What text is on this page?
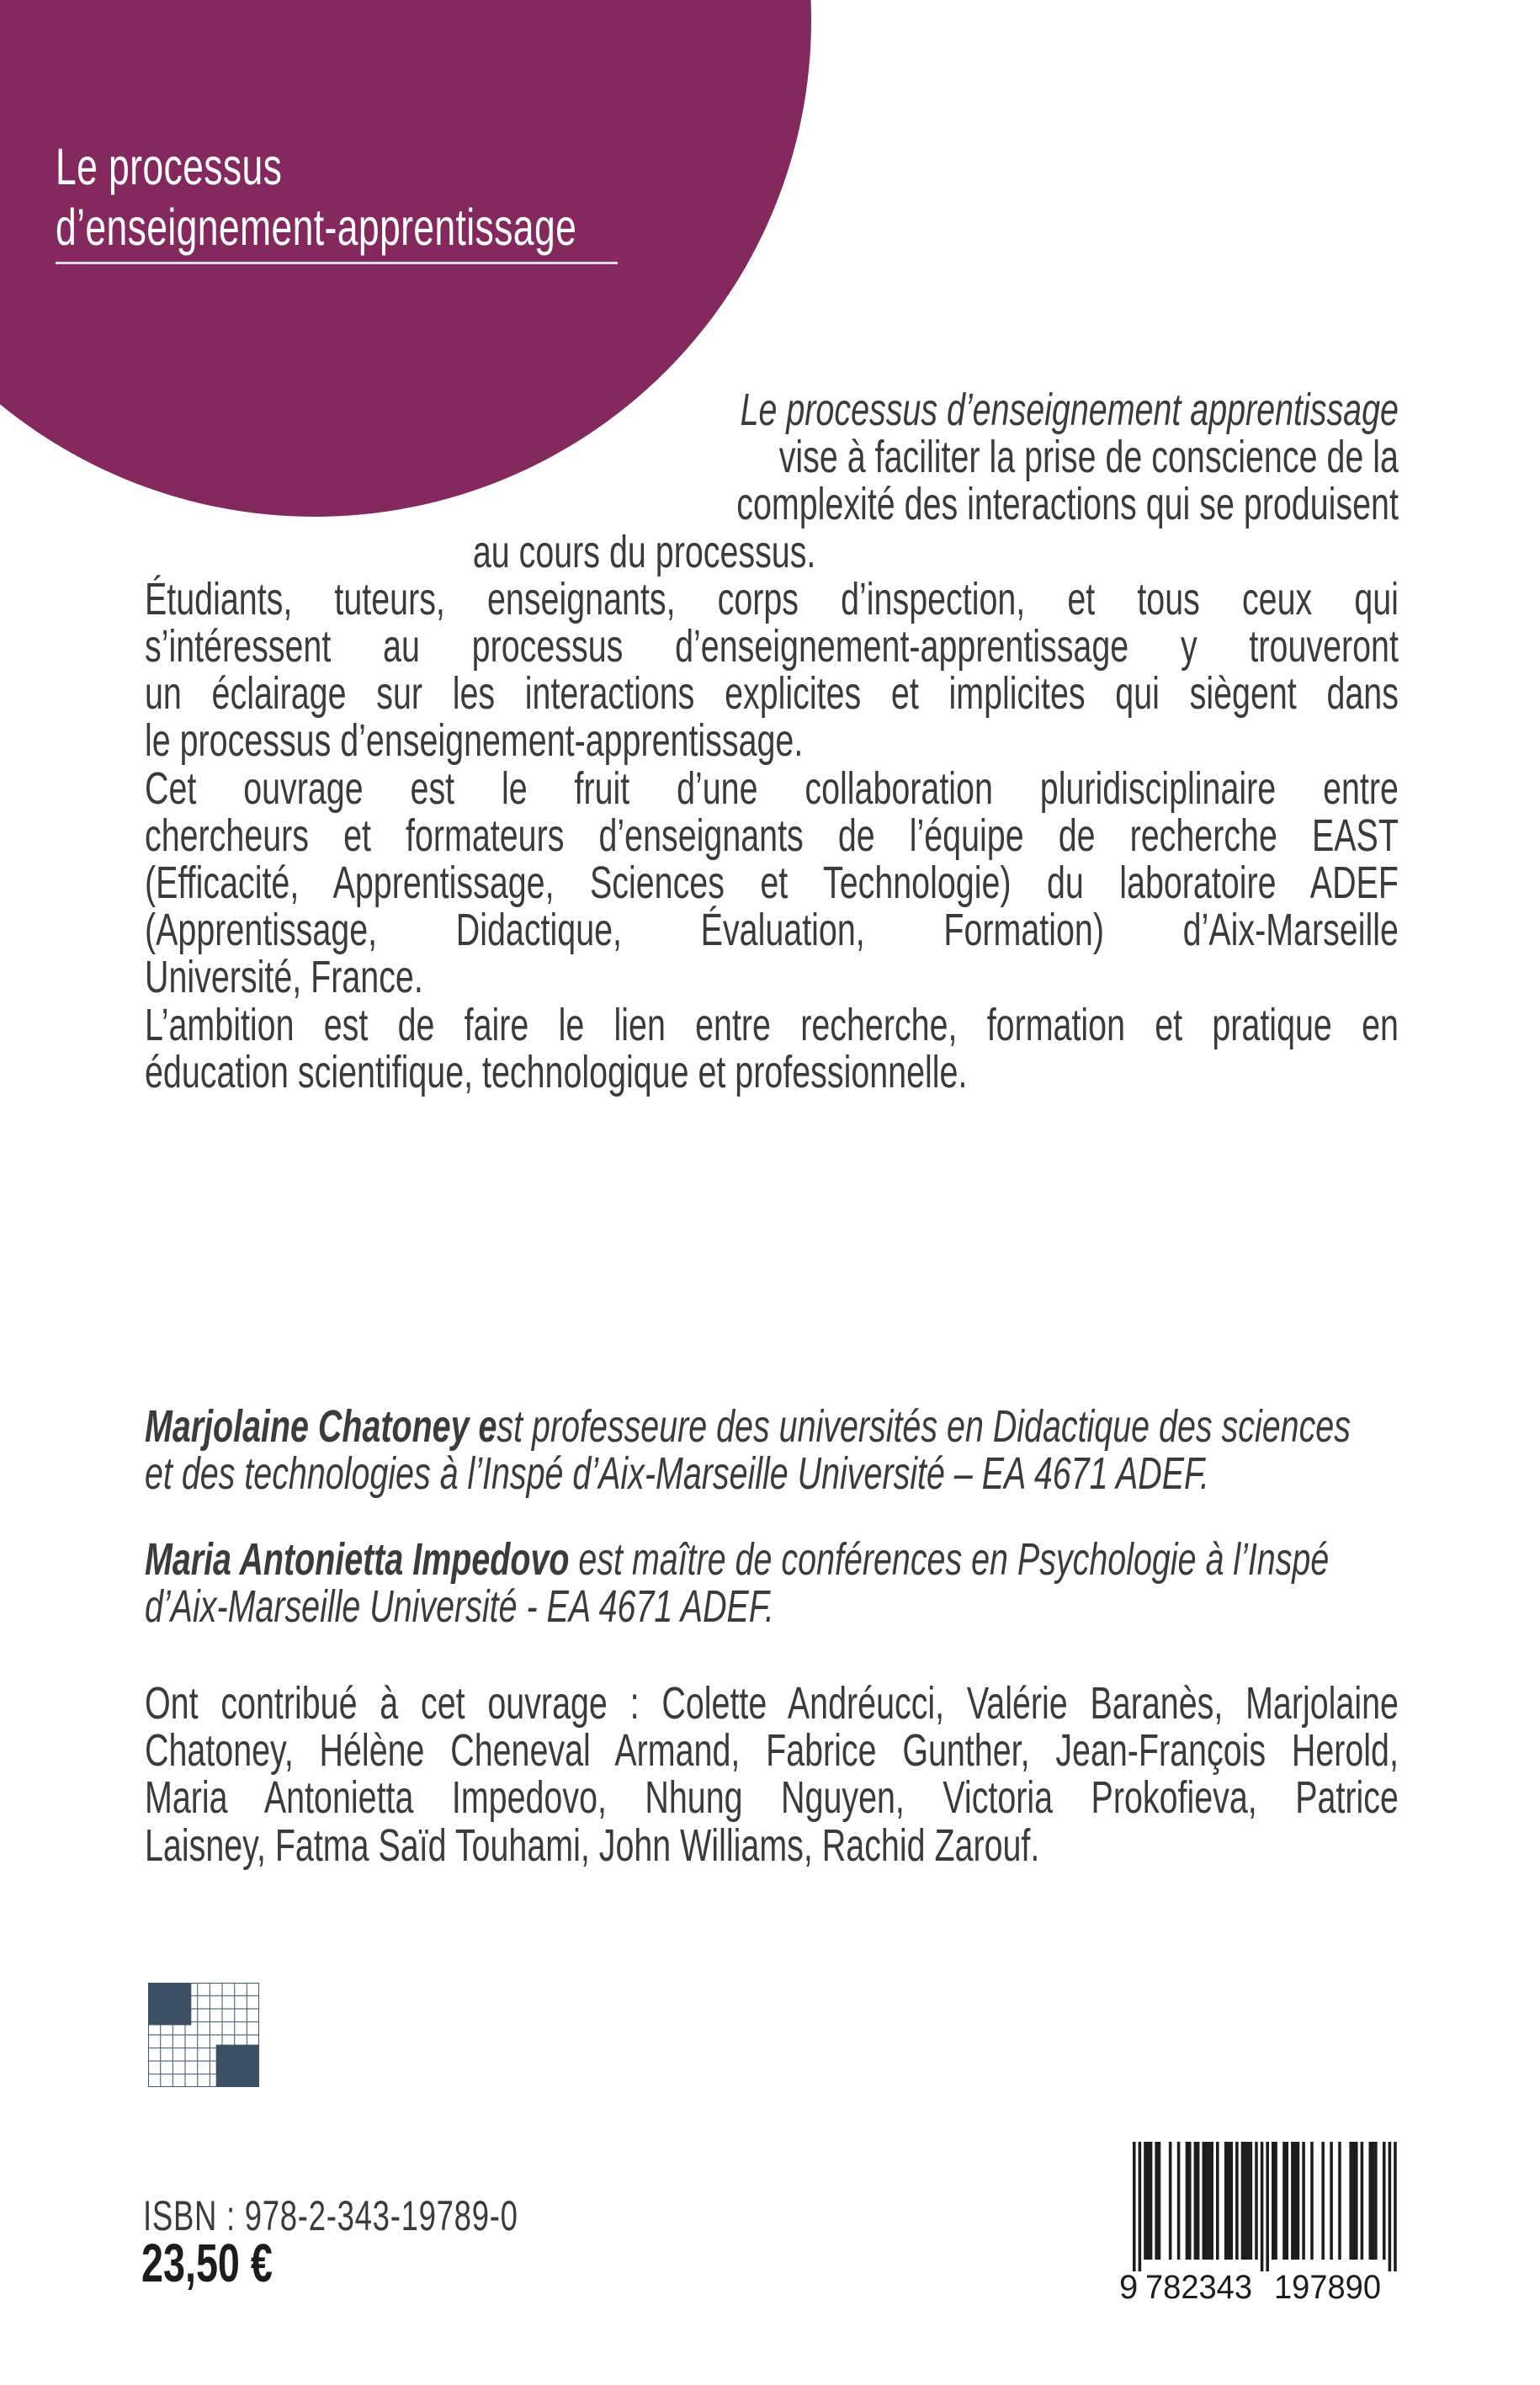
Le processus
d’enseignement-apprentissage
Le processus d’enseignement apprentissage
vise à faciliter la prise de conscience de la
complexité des interactions qui se produisent
au cours du processus.
Étudiants, tuteurs, enseignants, corps d’inspection, et tous ceux qui
s’intéressent au processus d’enseignement-apprentissage y trouveront
un éclairage sur les interactions explicites et implicites qui siègent dans
le processus d’enseignement-apprentissage.
Cet ouvrage est le fruit d’une collaboration pluridisciplinaire entre
chercheurs et formateurs d’enseignants de l’équipe de recherche EAST
(Efficacité, Apprentissage, Sciences et Technologie) du laboratoire ADEF
(Apprentissage, Didactique, Évaluation, Formation) d’Aix-Marseille
Université, France.
L’ambition est de faire le lien entre recherche, formation et pratique en
éducation scientifique, technologique et professionnelle.
Marjolaine Chatoney est professeure des universités en Didactique des sciences
et des technologies à l’Inspé d’Aix-Marseille Université – EA 4671 ADEF.
Maria Antonietta Impedovo est maître de conférences en Psychologie à l’Inspé
d’Aix-Marseille Université - EA 4671 ADEF.
Ont contribué à cet ouvrage : Colette Andréucci, Valérie Baranès, Marjolaine
Chatoney, Hélène Cheneval Armand, Fabrice Gunther, Jean-François Herold,
Maria Antonietta Impedovo, Nhung Nguyen, Victoria Prokofieva, Patrice
Laisney, Fatma Saïd Touhami, John Williams, Rachid Zarouf.
ISBN : 978-2-343-19789-0
23,50 €	9 782343 197890
